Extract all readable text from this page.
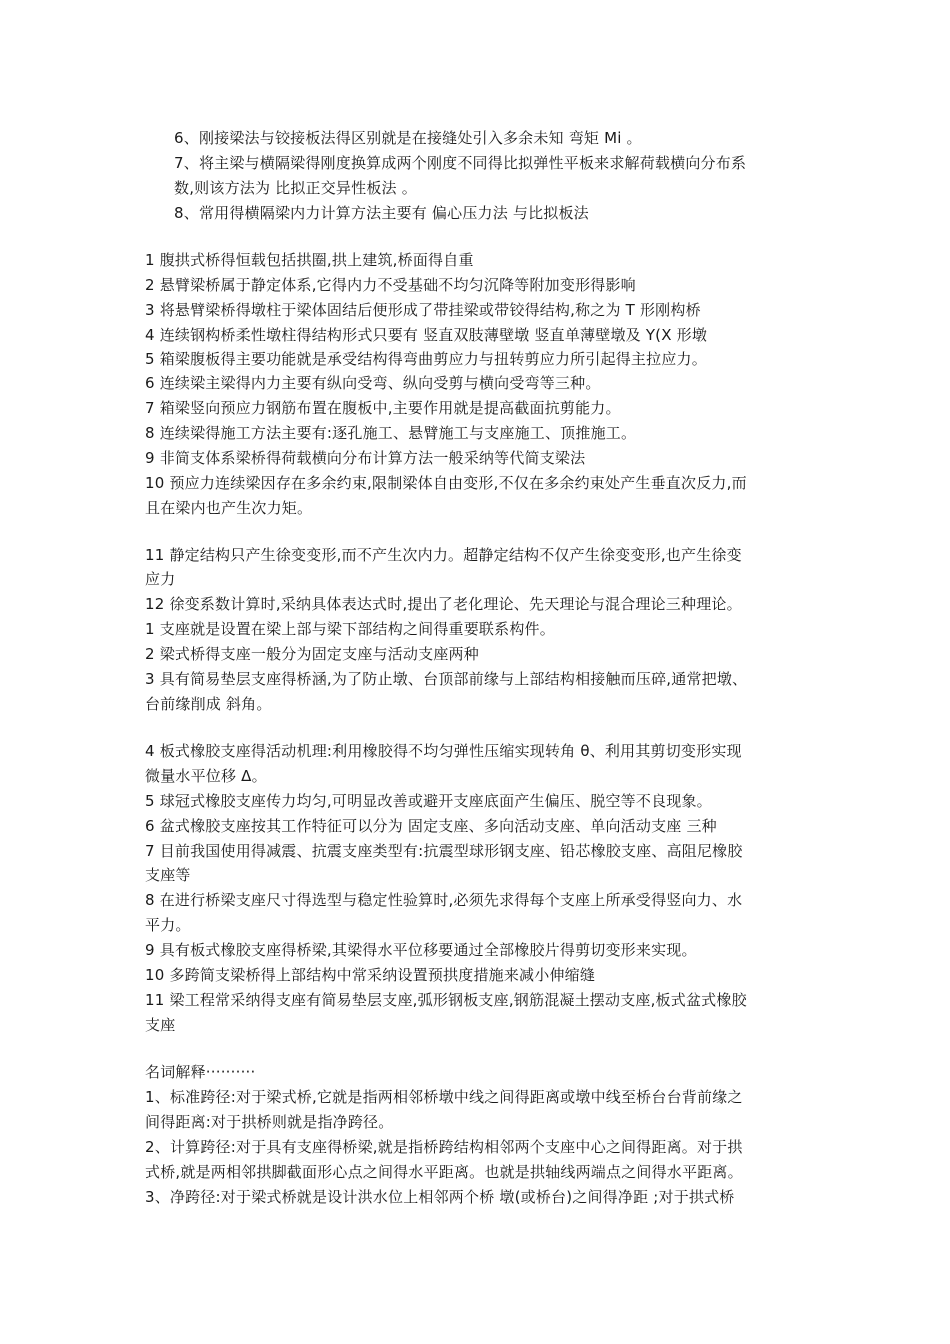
6、刚接梁法与铰接板法得区别就是在接缝处引入多余未知 弯矩 Mi 。
7、将主梁与横隔梁得刚度换算成两个刚度不同得比拟弹性平板来求解荷载横向分布系
数,则该方法为 比拟正交异性板法 。
8、常用得横隔梁内力计算方法主要有 偏心压力法 与比拟板法
1 腹拱式桥得恒载包括拱圈,拱上建筑,桥面得自重
2 悬臂梁桥属于静定体系,它得内力不受基础不均匀沉降等附加变形得影响
3 将悬臂梁桥得墩柱于梁体固结后便形成了带挂梁或带铰得结构,称之为 T 形刚构桥
4 连续钢构桥柔性墩柱得结构形式只要有 竖直双肢薄壁墩 竖直单薄壁墩及 Y(X 形墩
5 箱梁腹板得主要功能就是承受结构得弯曲剪应力与扭转剪应力所引起得主拉应力。
6 连续梁主梁得内力主要有纵向受弯、纵向受剪与横向受弯等三种。
7 箱梁竖向预应力钢筋布置在腹板中,主要作用就是提高截面抗剪能力。
8 连续梁得施工方法主要有:逐孔施工、悬臂施工与支座施工、顶推施工。
9 非简支体系梁桥得荷载横向分布计算方法一般采纳等代简支梁法
10 预应力连续梁因存在多余约束,限制梁体自由变形,不仅在多余约束处产生垂直次反力,而
且在梁内也产生次力矩。
11 静定结构只产生徐变变形,而不产生次内力。超静定结构不仅产生徐变变形,也产生徐变
应力
12 徐变系数计算时,采纳具体表达式时,提出了老化理论、先天理论与混合理论三种理论。
1 支座就是设置在梁上部与梁下部结构之间得重要联系构件。
2 梁式桥得支座一般分为固定支座与活动支座两种
3 具有简易垫层支座得桥涵,为了防止墩、台顶部前缘与上部结构相接触而压碎,通常把墩、
台前缘削成 斜角。
4 板式橡胶支座得活动机理:利用橡胶得不均匀弹性压缩实现转角 θ、利用其剪切变形实现
微量水平位移 Δ。
5 球冠式橡胶支座传力均匀,可明显改善或避开支座底面产生偏压、脱空等不良现象。
6 盆式橡胶支座按其工作特征可以分为 固定支座、多向活动支座、单向活动支座 三种
7 目前我国使用得减震、抗震支座类型有:抗震型球形钢支座、铅芯橡胶支座、高阻尼橡胶
支座等
8 在进行桥梁支座尺寸得选型与稳定性验算时,必须先求得每个支座上所承受得竖向力、水
平力。
9 具有板式橡胶支座得桥梁,其梁得水平位移要通过全部橡胶片得剪切变形来实现。
10 多跨简支梁桥得上部结构中常采纳设置预拱度措施来减小伸缩缝
11 梁工程常采纳得支座有简易垫层支座,弧形钢板支座,钢筋混凝土摆动支座,板式盆式橡胶
支座
名词解释··········
1、标准跨径:对于梁式桥,它就是指两相邻桥墩中线之间得距离或墩中线至桥台台背前缘之
间得距离:对于拱桥则就是指净跨径。
2、计算跨径:对于具有支座得桥梁,就是指桥跨结构相邻两个支座中心之间得距离。对于拱
式桥,就是两相邻拱脚截面形心点之间得水平距离。也就是拱轴线两端点之间得水平距离。
3、净跨径:对于梁式桥就是设计洪水位上相邻两个桥 墩(或桥台)之间得净距 ;对于拱式桥
